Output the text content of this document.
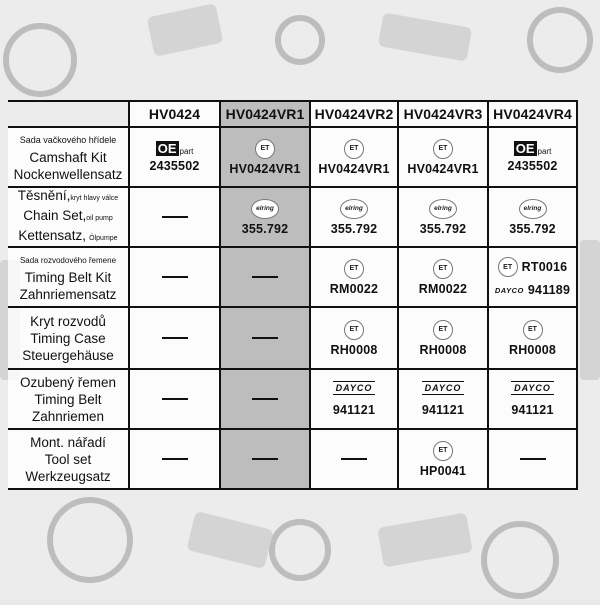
HV0424 HV0424VR1 HV0424VR2 HV0424VR3 HV0424VR4
Sada vačkového hřídele
Camshaft Kit
Nockenwellensatz
OE part
2435502
ET
HV0424VR1
ET
HV0424VR1
ET
HV0424VR1
OE part
2435502
Těsnění,kryt hlavy válce
Chain Set,oil pump
Kettensatz, Ölpumpe
elring
355.792
elring
355.792
elring
355.792
elring
355.792
Sada rozvodového řemene
Timing Belt Kit
Zahnriemensatz
ET
RM0022
ET
RM0022
ET RT0016
DAYCO 941189
Kryt rozvodů
Timing Case
Steuergehäuse
ET
RH0008
ET
RH0008
ET
RH0008
Ozubený řemen
Timing Belt
Zahnriemen
DAYCO
941121
DAYCO
941121
DAYCO
941121
Mont. nářadí
Tool set
Werkzeugsatz
ET
HP0041
